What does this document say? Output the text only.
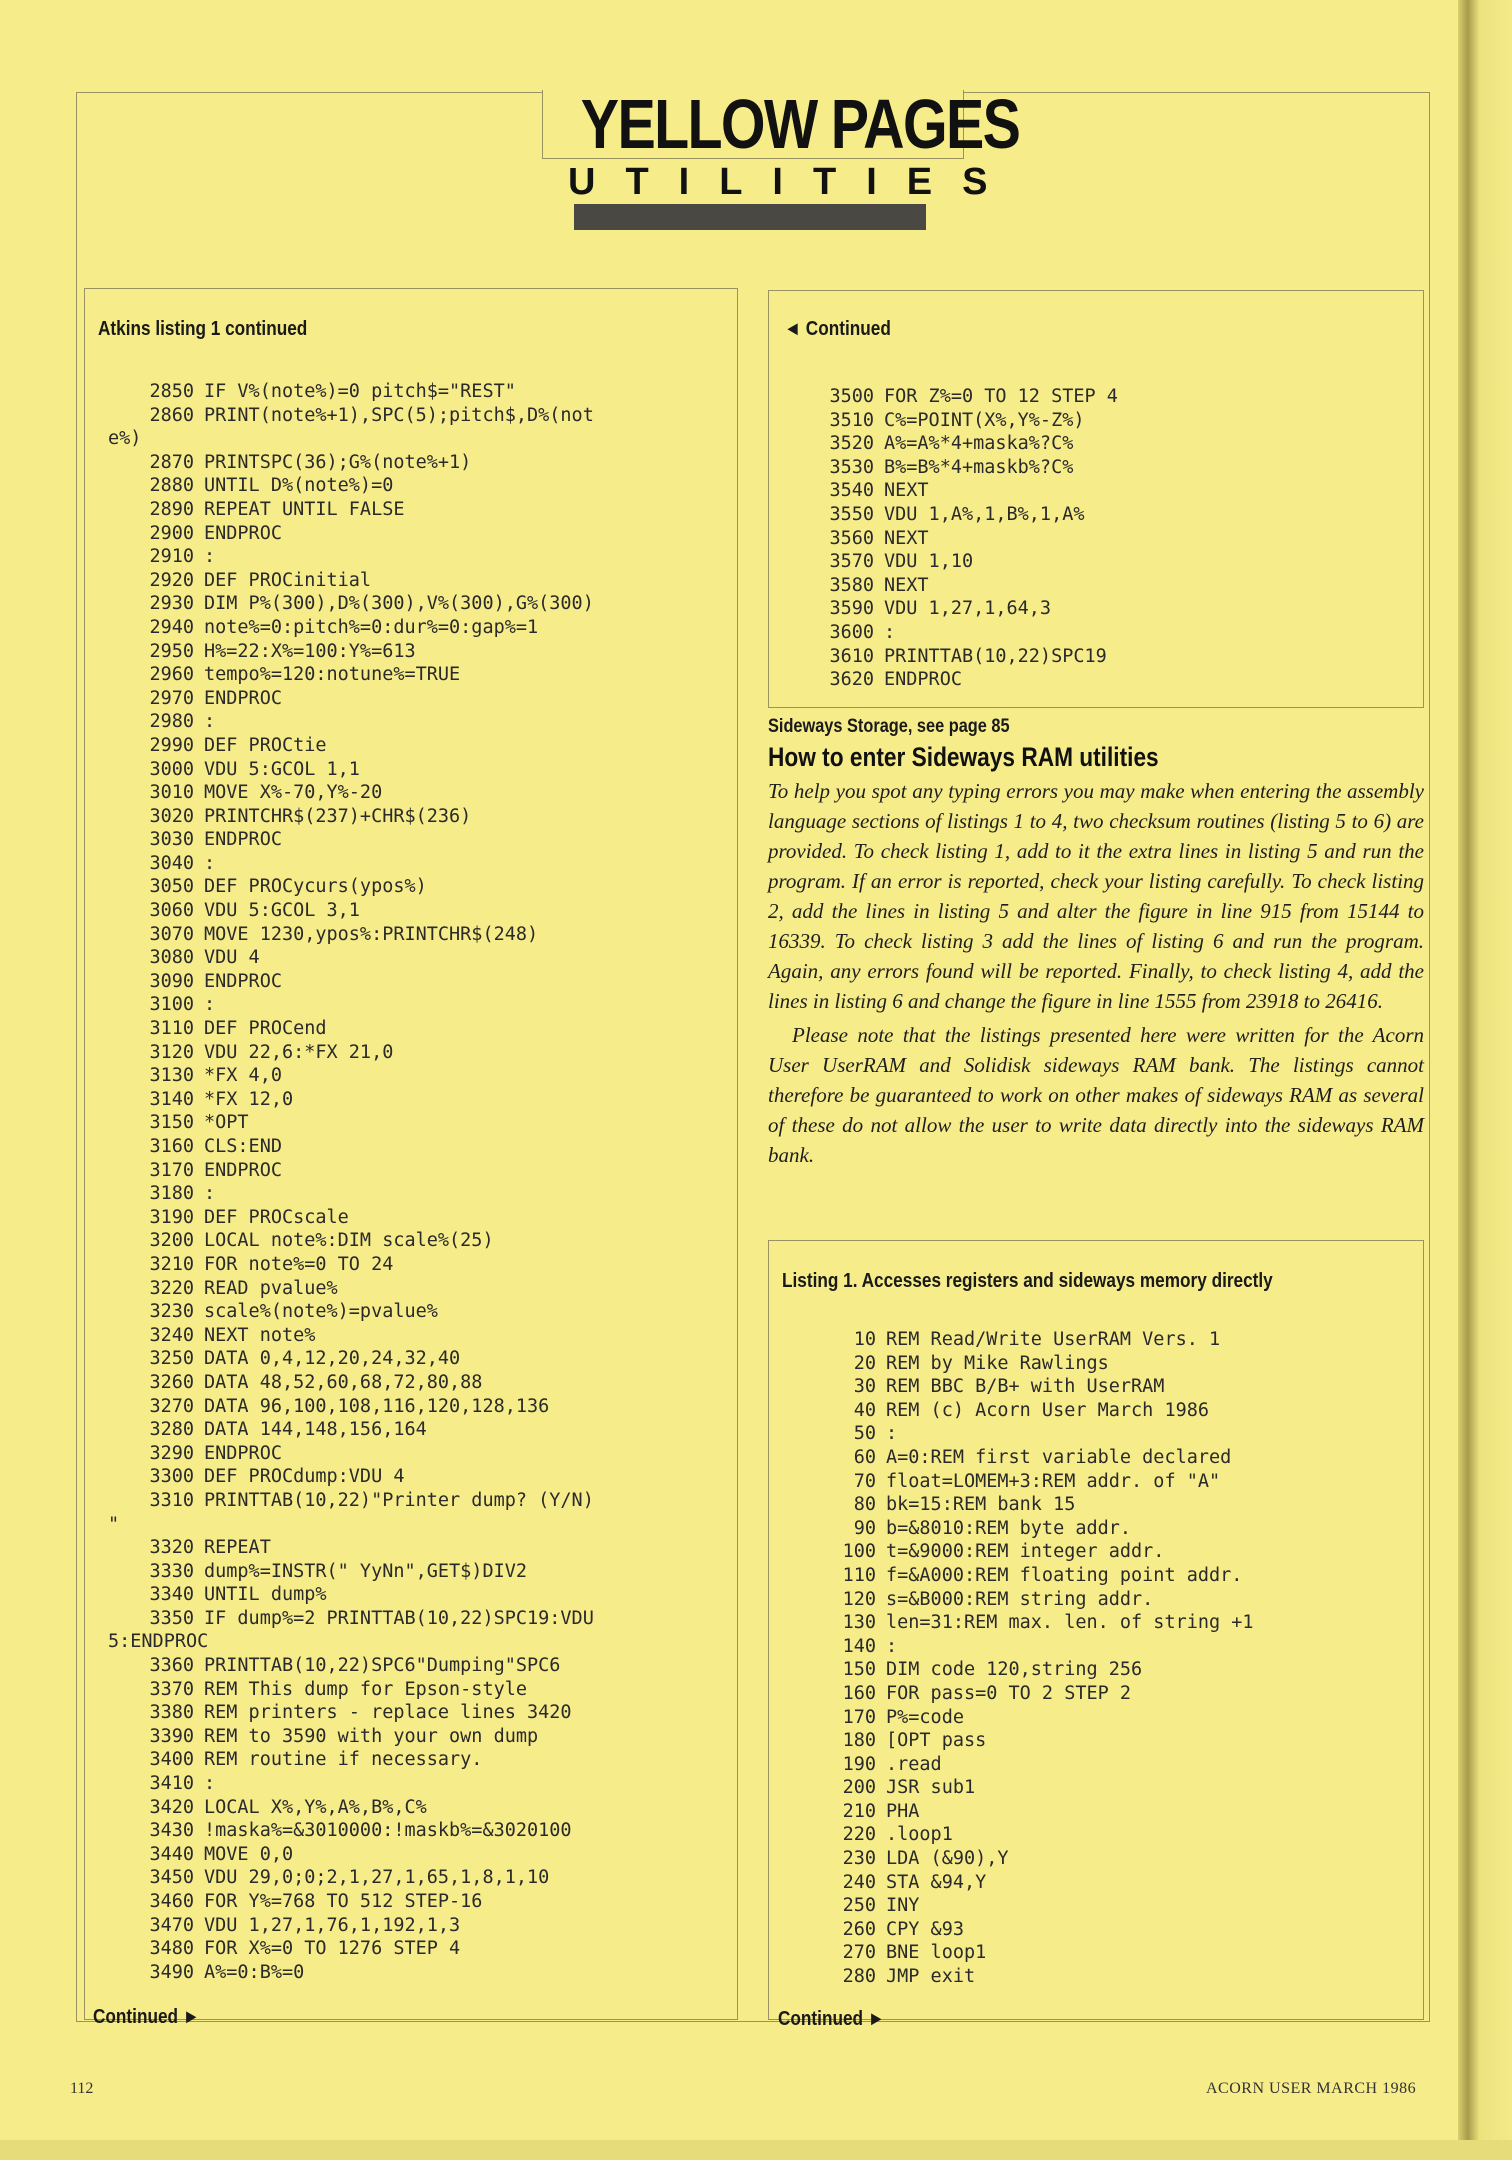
YELLOW PAGES
UTILITIES
Atkins listing 1 continued
2850 IF V%(note%)=0 pitch$="REST"
2860 PRINT(note%+1),SPC(5);pitch$,D%(not
e%)
2870 PRINTSPC(36);G%(note%+1)
2880 UNTIL D%(note%)=0
2890 REPEAT UNTIL FALSE
2900 ENDPROC
2910 :
2920 DEF PROCinitial
2930 DIM P%(300),D%(300),V%(300),G%(300)
2940 note%=0:pitch%=0:dur%=0:gap%=1
2950 H%=22:X%=100:Y%=613
2960 tempo%=120:notune%=TRUE
2970 ENDPROC
2980 :
2990 DEF PROCtie
3000 VDU 5:GCOL 1,1
3010 MOVE X%-70,Y%-20
3020 PRINTCHR$(237)+CHR$(236)
3030 ENDPROC
3040 :
3050 DEF PROCycurs(ypos%)
3060 VDU 5:GCOL 3,1
3070 MOVE 1230,ypos%:PRINTCHR$(248)
3080 VDU 4
3090 ENDPROC
3100 :
3110 DEF PROCend
3120 VDU 22,6:*FX 21,0
3130 *FX 4,0
3140 *FX 12,0
3150 *OPT
3160 CLS:END
3170 ENDPROC
3180 :
3190 DEF PROCscale
3200 LOCAL note%:DIM scale%(25)
3210 FOR note%=0 TO 24
3220 READ pvalue%
3230 scale%(note%)=pvalue%
3240 NEXT note%
3250 DATA 0,4,12,20,24,32,40
3260 DATA 48,52,60,68,72,80,88
3270 DATA 96,100,108,116,120,128,136
3280 DATA 144,148,156,164
3290 ENDPROC
3300 DEF PROCdump:VDU 4
3310 PRINTTAB(10,22)"Printer dump? (Y/N)
"
3320 REPEAT
3330 dump%=INSTR(" YyNn",GET$)DIV2
3340 UNTIL dump%
3350 IF dump%=2 PRINTTAB(10,22)SPC19:VDU
5:ENDPROC
3360 PRINTTAB(10,22)SPC6"Dumping"SPC6
3370 REM This dump for Epson-style
3380 REM printers - replace lines 3420
3390 REM to 3590 with your own dump
3400 REM routine if necessary.
3410 :
3420 LOCAL X%,Y%,A%,B%,C%
3430 !maska%=&3010000:!maskb%=&3020100
3440 MOVE 0,0
3450 VDU 29,0;0;2,1,27,1,65,1,8,1,10
3460 FOR Y%=768 TO 512 STEP-16
3470 VDU 1,27,1,76,1,192,1,3
3480 FOR X%=0 TO 1276 STEP 4
3490 A%=0:B%=0
Continued ►
◄ Continued
3500 FOR Z%=0 TO 12 STEP 4
3510 C%=POINT(X%,Y%-Z%)
3520 A%=A%*4+maska%?C%
3530 B%=B%*4+maskb%?C%
3540 NEXT
3550 VDU 1,A%,1,B%,1,A%
3560 NEXT
3570 VDU 1,10
3580 NEXT
3590 VDU 1,27,1,64,3
3600 :
3610 PRINTTAB(10,22)SPC19
3620 ENDPROC
Sideways Storage, see page 85
How to enter Sideways RAM utilities

To help you spot any typing errors you may make when entering the assembly language sections of listings 1 to 4, two checksum routines (listing 5 to 6) are provided. To check listing 1, add to it the extra lines in listing 5 and run the program. If an error is reported, check your listing carefully. To check listing 2, add the lines in listing 5 and alter the figure in line 915 from 15144 to 16339. To check listing 3 add the lines of listing 6 and run the program. Again, any errors found will be reported. Finally, to check listing 4, add the lines in listing 6 and change the figure in line 1555 from 23918 to 26416.

Please note that the listings presented here were written for the Acorn User UserRAM and Solidisk sideways RAM bank. The listings cannot therefore be guaranteed to work on other makes of sideways RAM as several of these do not allow the user to write data directly into the sideways RAM bank.

Listing 1. Accesses registers and sideways memory directly
10 REM Read/Write UserRAM Vers. 1
20 REM by Mike Rawlings
30 REM BBC B/B+ with UserRAM
40 REM (c) Acorn User March 1986
50 :
60 A=0:REM first variable declared
70 float=LOMEM+3:REM addr. of "A"
80 bk=15:REM bank 15
90 b=&8010:REM byte addr.
100 t=&9000:REM integer addr.
110 f=&A000:REM floating point addr.
120 s=&B000:REM string addr.
130 len=31:REM max. len. of string +1
140 :
150 DIM code 120,string 256
160 FOR pass=0 TO 2 STEP 2
170 P%=code
180 [OPT pass
190 .read
200 JSR sub1
210 PHA
220 .loop1
230 LDA (&90),Y
240 STA &94,Y
250 INY
260 CPY &93
270 BNE loop1
280 JMP exit
Continued ►
112	ACORN USER MARCH 1986
